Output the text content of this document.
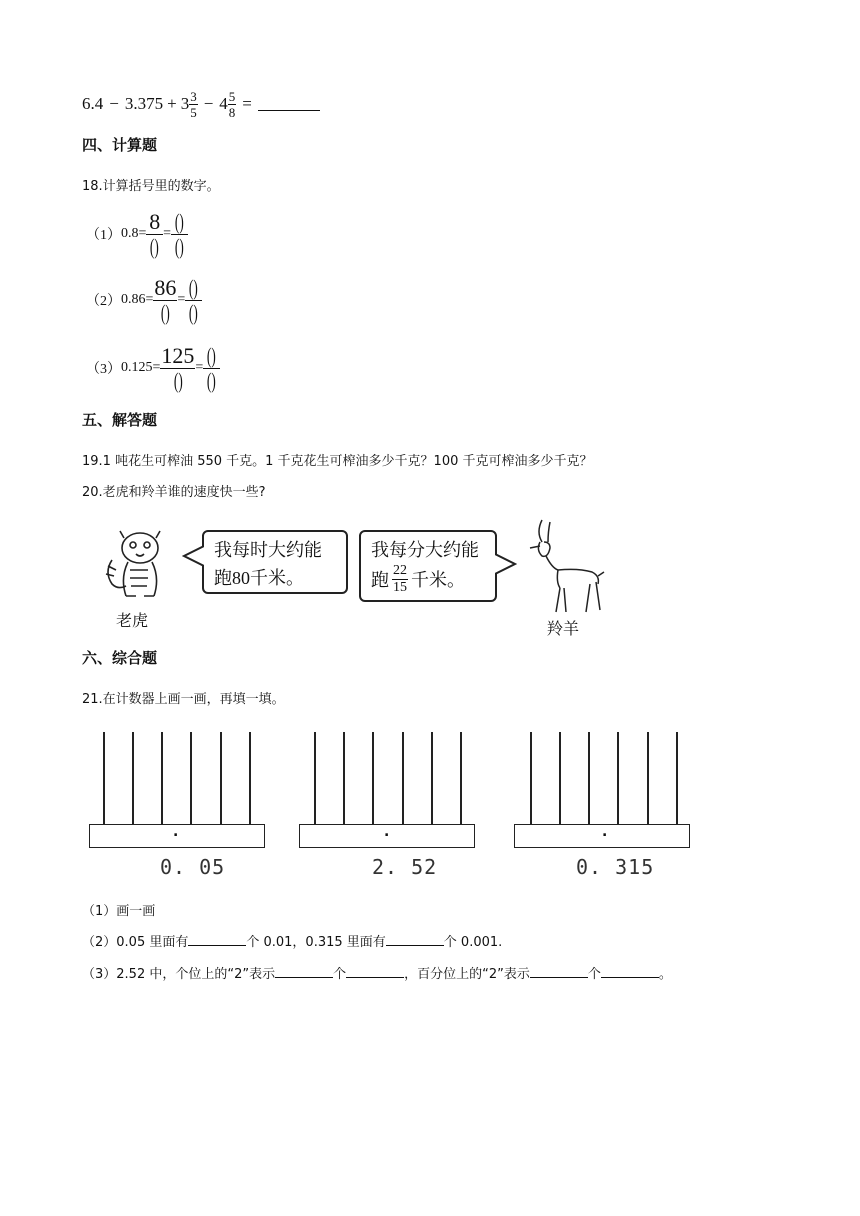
$6.4 - 3.375 + 3 \frac{3}{5} - 4 \frac{5}{8}$ =
四、计算题
18.计算括号里的数字。
（1） $0.8= \frac{8}{()} = \frac{()}{()}$
（2） $0.86= \frac{86}{()} = \frac{()}{()}$
（3） $0.125= \frac{125}{()} = \frac{()}{()}$
五、解答题
19.1 吨花生可榨油 550 千克。1 千克花生可榨油多少千克？100 千克可榨油多少千克？
20.老虎和羚羊谁的速度快一些?
老虎
我每时大约能
跑80千米。
我每分大约能
跑 $\frac{22}{15}$ 千米。
羚羊
六、综合题
21.在计数器上画一画，再填一填。
.
0. 05
.
2. 52
.
0. 315
（1）画一画
（2）0.05 里面有	个 0.01，0.315 里面有	个 0.001.
（3）2.52 中，个位上的“2”表示	个	，百分位上的“2”表示	个	。
